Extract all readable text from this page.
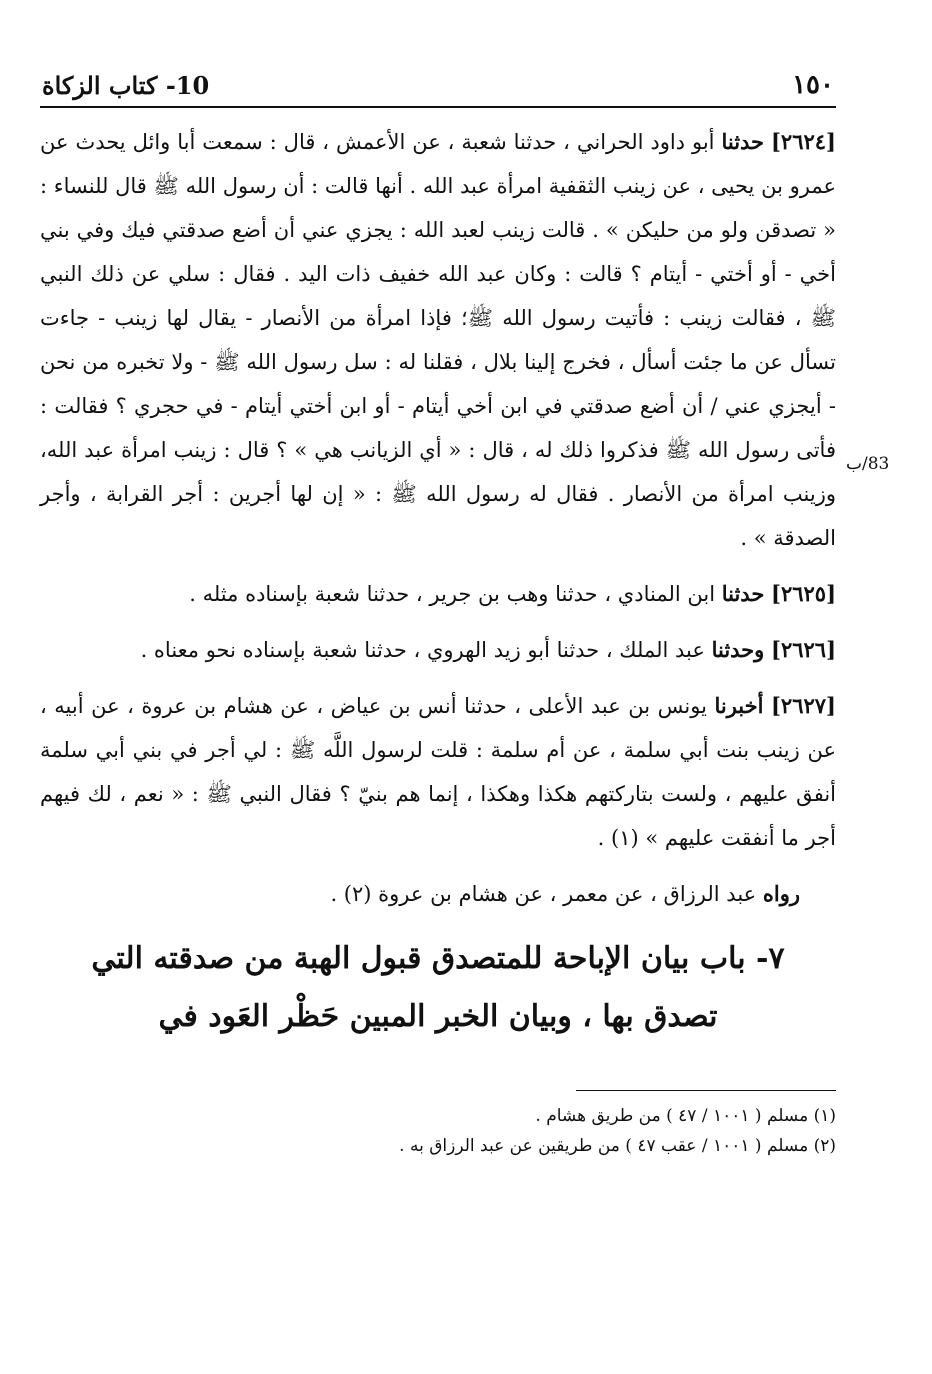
١٥٠
10- كتاب الزكاة

[٢٦٢٤] حدثنا أبو داود الحراني ، حدثنا شعبة ، عن الأعمش ، قال : سمعت أبا وائل يحدث عن عمرو بن يحيى ، عن زينب الثقفية امرأة عبد الله . أنها قالت : أن رسول الله ﷺ قال للنساء : « تصدقن ولو من حليكن » . قالت زينب لعبد الله : يجزي عني أن أضع صدقتي فيك وفي بني أخي - أو أختي - أيتام ؟ قالت : وكان عبد الله خفيف ذات اليد . فقال : سلي عن ذلك النبي ﷺ ، فقالت زينب : فأتيت رسول الله ﷺ؛ فإذا امرأة من الأنصار - يقال لها زينب - جاءت تسأل عن ما جئت أسأل ، فخرج إلينا بلال ، فقلنا له : سل رسول الله ﷺ - ولا تخبره من نحن - أيجزي عني / أن أضع صدقتي في ابن أخي أيتام - أو ابن أختي أيتام - في حجري ؟ فقالت : فأتى رسول الله ﷺ فذكروا ذلك له ، قال : « أي الزيانب هي » ؟ قال : زينب امرأة عبد الله، وزينب امرأة من الأنصار . فقال له رسول الله ﷺ : « إن لها أجرين : أجر القرابة ، وأجر الصدقة » .

[٢٦٢٥] حدثنا ابن المنادي ، حدثنا وهب بن جرير ، حدثنا شعبة بإسناده مثله .

[٢٦٢٦] وحدثنا عبد الملك ، حدثنا أبو زيد الهروي ، حدثنا شعبة بإسناده نحو معناه .

[٢٦٢٧] أخبرنا يونس بن عبد الأعلى ، حدثنا أنس بن عياض ، عن هشام بن عروة ، عن أبيه ، عن زينب بنت أبي سلمة ، عن أم سلمة : قلت لرسول اللَّه ﷺ : لي أجر في بني أبي سلمة أنفق عليهم ، ولست بتاركتهم هكذا وهكذا ، إنما هم بنيّ ؟ فقال النبي ﷺ : « نعم ، لك فيهم أجر ما أنفقت عليهم » (١) .

رواه عبد الرزاق ، عن معمر ، عن هشام بن عروة (٢) .

٧- باب بيان الإباحة للمتصدق قبول الهبة من صدقته التي
تصدق بها ، وبيان الخبر المبين حَظْر العَود في

(١) مسلم ( ١٠٠١ / ٤٧ ) من طريق هشام .

(٢) مسلم ( ١٠٠١ / عقب ٤٧ ) من طريقين عن عبد الرزاق به .

83/ب
